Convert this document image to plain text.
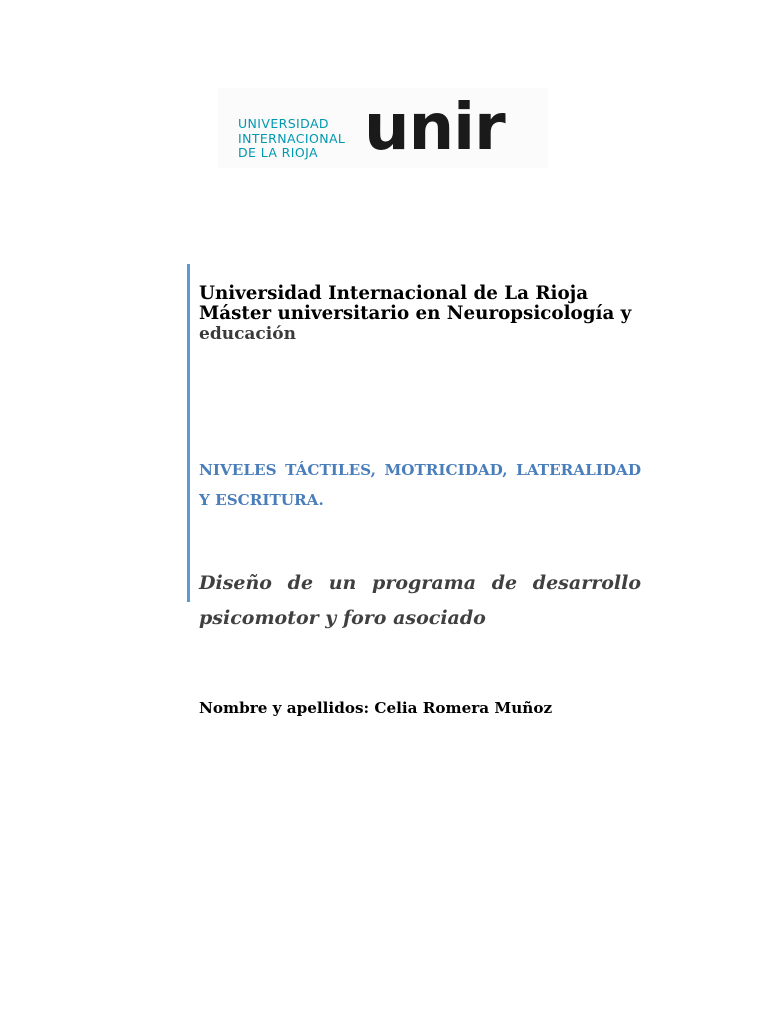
UNIVERSIDAD
INTERNACIONAL
DE LA RIOJA unir
Universidad Internacional de La Rioja
Máster universitario en Neuropsicología y
educación
NIVELES TÁCTILES, MOTRICIDAD, LATERALIDAD Y ESCRITURA.
Diseño de un programa de desarrollo psicomotor y foro asociado
Nombre y apellidos: Celia Romera Muñoz
